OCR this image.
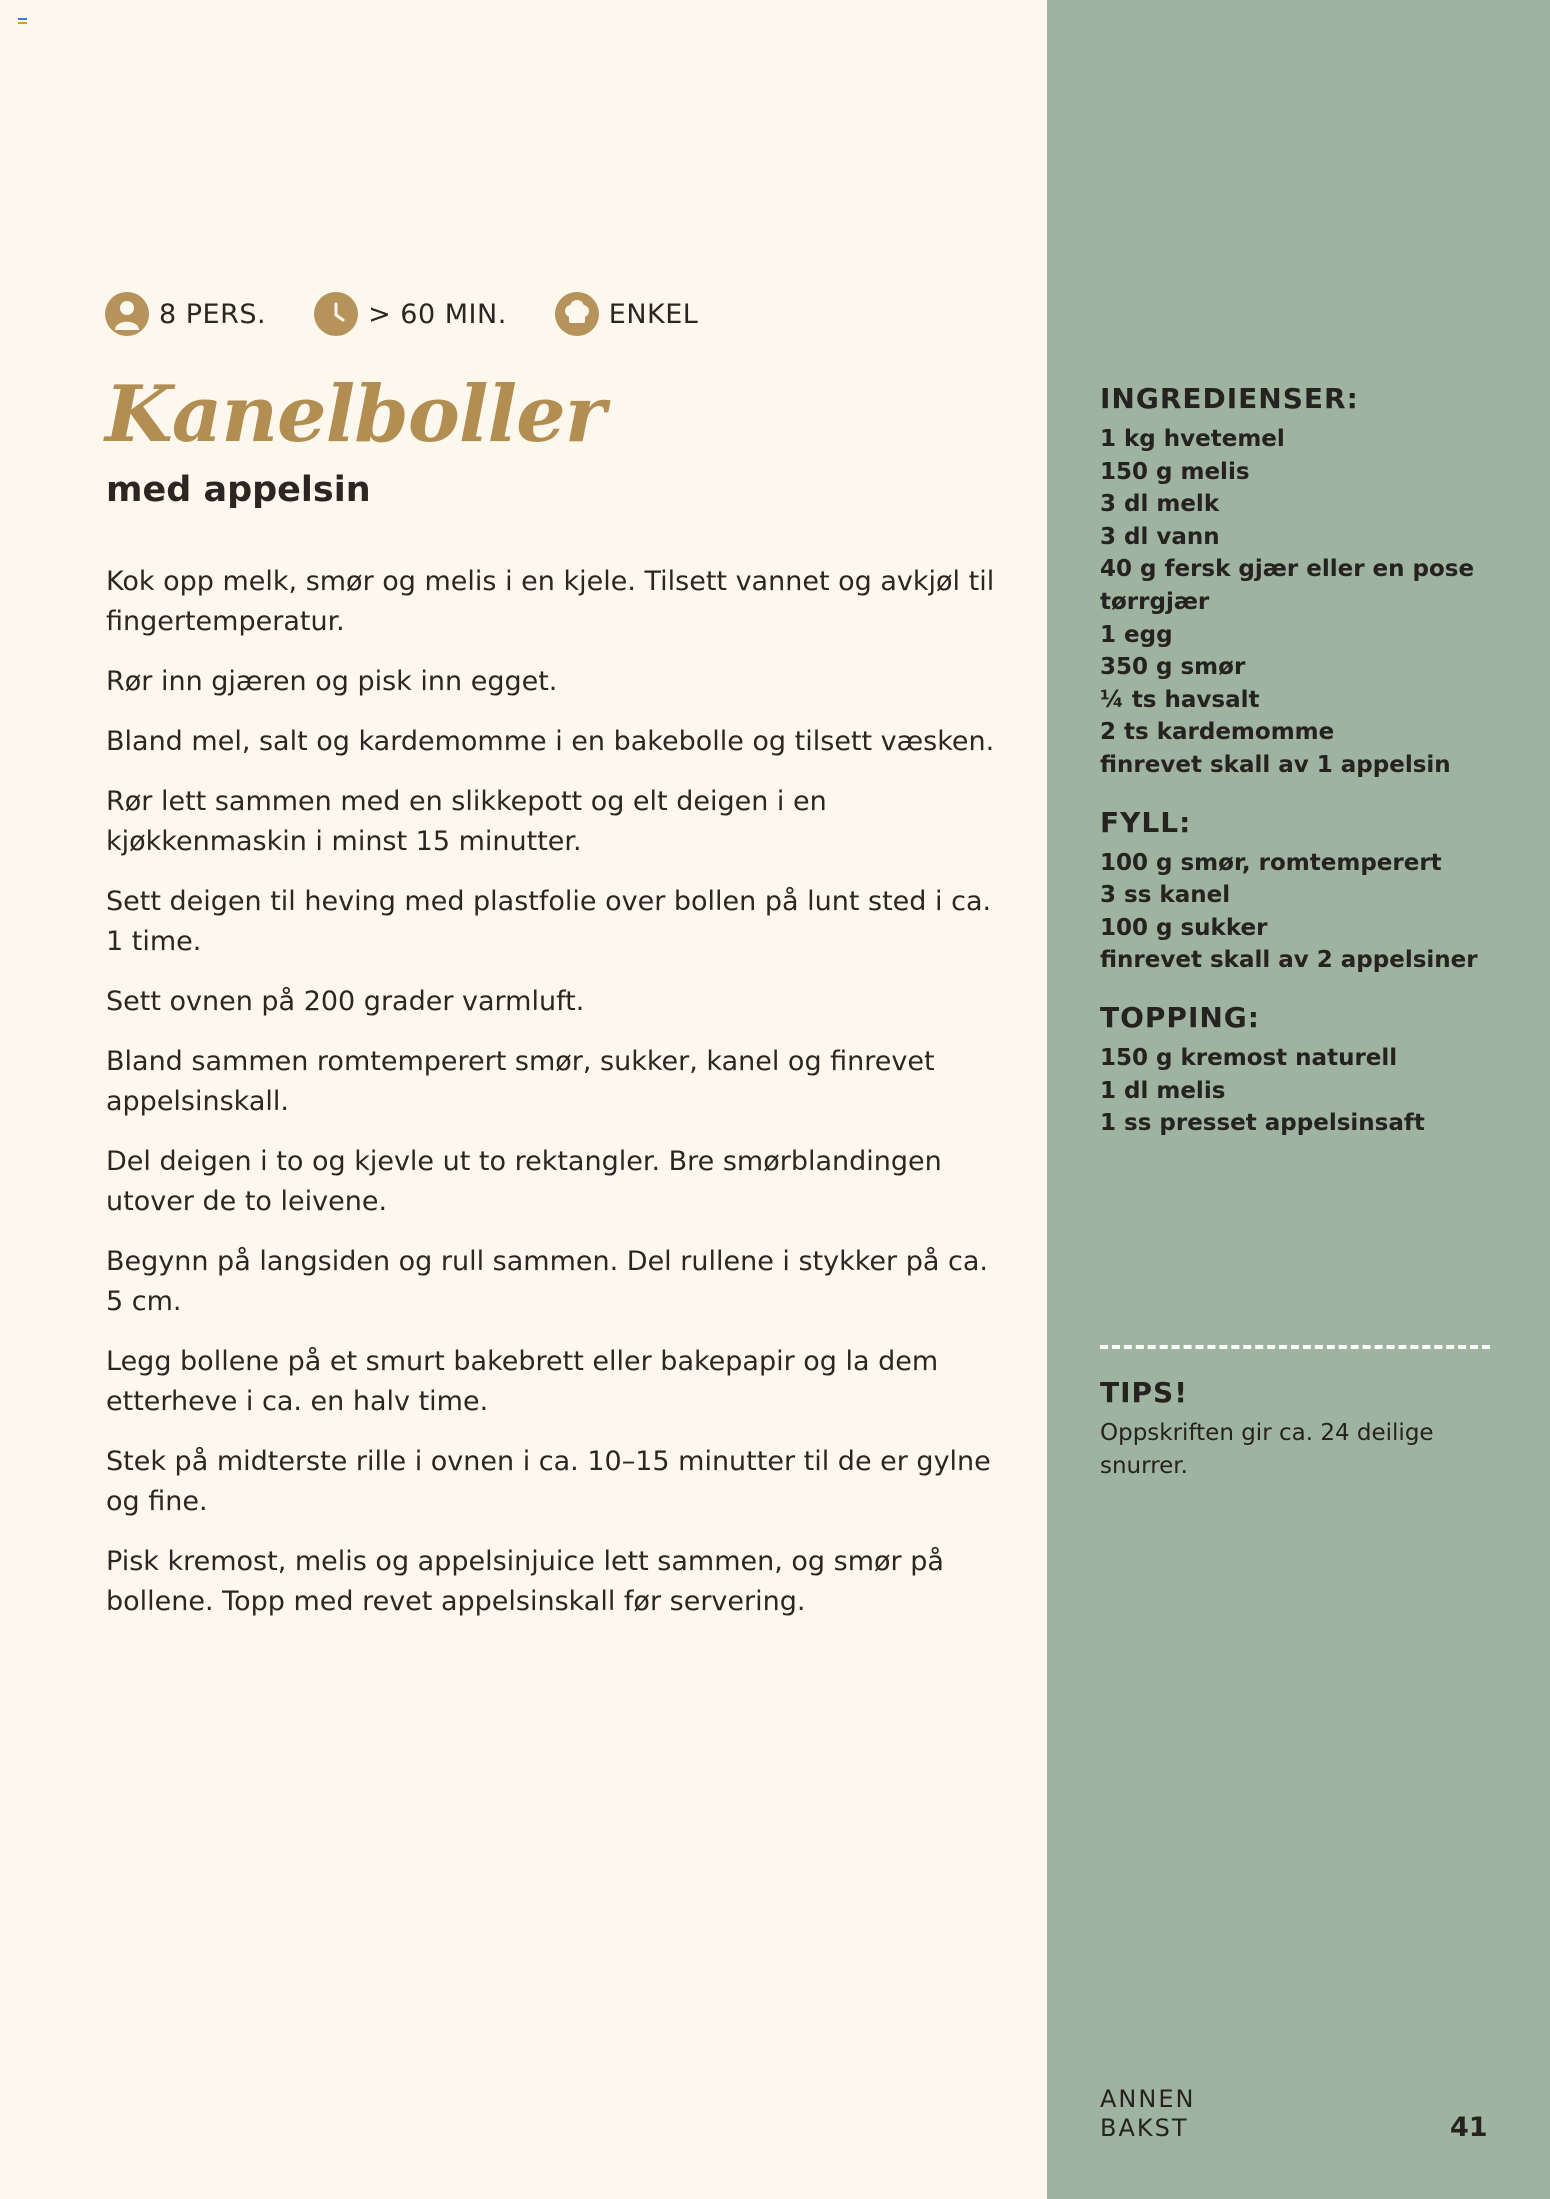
8 PERS.	> 60 MIN.	ENKEL
Kanelboller
med appelsin
Kok opp melk, smør og melis i en kjele. Tilsett vannet og avkjøl til fingertemperatur.
Rør inn gjæren og pisk inn egget.
Bland mel, salt og kardemomme i en bakebolle og tilsett væsken.
Rør lett sammen med en slikkepott og elt deigen i en kjøkkenmaskin i minst 15 minutter.
Sett deigen til heving med plastfolie over bollen på lunt sted i ca. 1 time.
Sett ovnen på 200 grader varmluft.
Bland sammen romtemperert smør, sukker, kanel og finrevet appelsinskall.
Del deigen i to og kjevle ut to rektangler. Bre smørblandingen utover de to leivene.
Begynn på langsiden og rull sammen. Del rullene i stykker på ca. 5 cm.
Legg bollene på et smurt bakebrett eller bakepapir og la dem etterheve i ca. en halv time.
Stek på midterste rille i ovnen i ca. 10–15 minutter til de er gylne og fine.
Pisk kremost, melis og appelsinjuice lett sammen, og smør på bollene. Topp med revet appelsinskall før servering.
INGREDIENSER:
1 kg hvetemel
150 g melis
3 dl melk
3 dl vann
40 g fersk gjær eller en pose
tørrgjær
1 egg
350 g smør
¼ ts havsalt
2 ts kardemomme
finrevet skall av 1 appelsin
FYLL:
100 g smør, romtemperert
3 ss kanel
100 g sukker
finrevet skall av 2 appelsiner
TOPPING:
150 g kremost naturell
1 dl melis
1 ss presset appelsinsaft
TIPS!

Oppskriften gir ca. 24 deilige

snurrer.

ANNEN
BAKST	41
